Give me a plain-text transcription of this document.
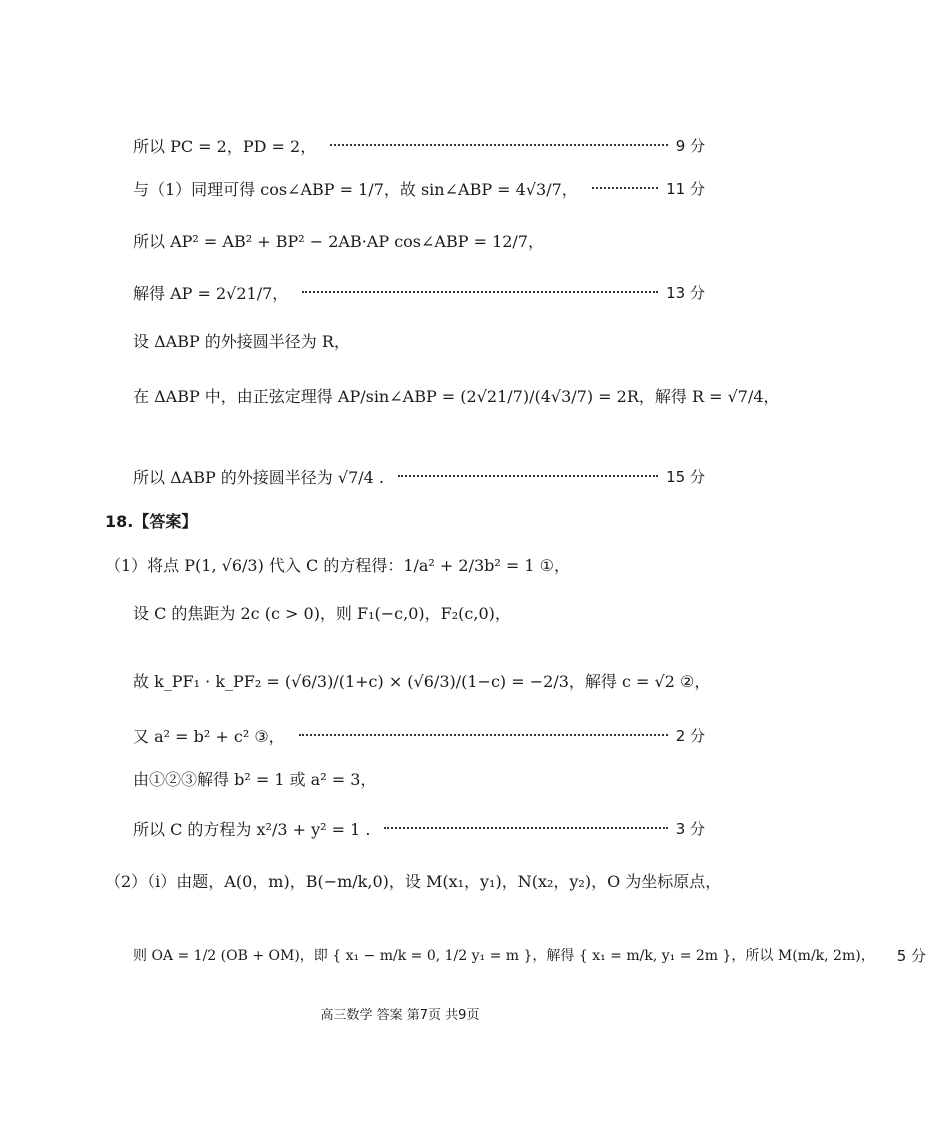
所以 PC = 2，PD = 2，	9 分
与（1）同理可得 cos∠ABP = 1/7，故 sin∠ABP = 4√3/7，	11 分
所以 AP² = AB² + BP² − 2AB·AP cos∠ABP = 12/7，
解得 AP = 2√21/7，	13 分
设 ΔABP 的外接圆半径为 R，
在 ΔABP 中，由正弦定理得 AP/sin∠ABP = (2√21/7)/(4√3/7) = 2R，解得 R = √7/4，
所以 ΔABP 的外接圆半径为 √7/4 .	15 分
18.【答案】
（1）将点 P(1, √6/3) 代入 C 的方程得：1/a² + 2/3b² = 1 ①，
设 C 的焦距为 2c (c > 0)，则 F₁(−c,0)，F₂(c,0)，
故 k_PF₁ · k_PF₂ = (√6/3)/(1+c) × (√6/3)/(1−c) = −2/3，解得 c = √2 ②，
又 a² = b² + c² ③，	2 分
由①②③解得 b² = 1 或 a² = 3，
所以 C 的方程为 x²/3 + y² = 1 .	3 分
（2）（i）由题，A(0，m)，B(−m/k,0)，设 M(x₁，y₁)，N(x₂，y₂)，O 为坐标原点，
则 OA = 1/2 (OB + OM)，即 { x₁ − m/k = 0, 1/2 y₁ = m }，解得 { x₁ = m/k, y₁ = 2m }，所以 M(m/k, 2m)， 5 分
高三数学 答案 第7页 共9页
